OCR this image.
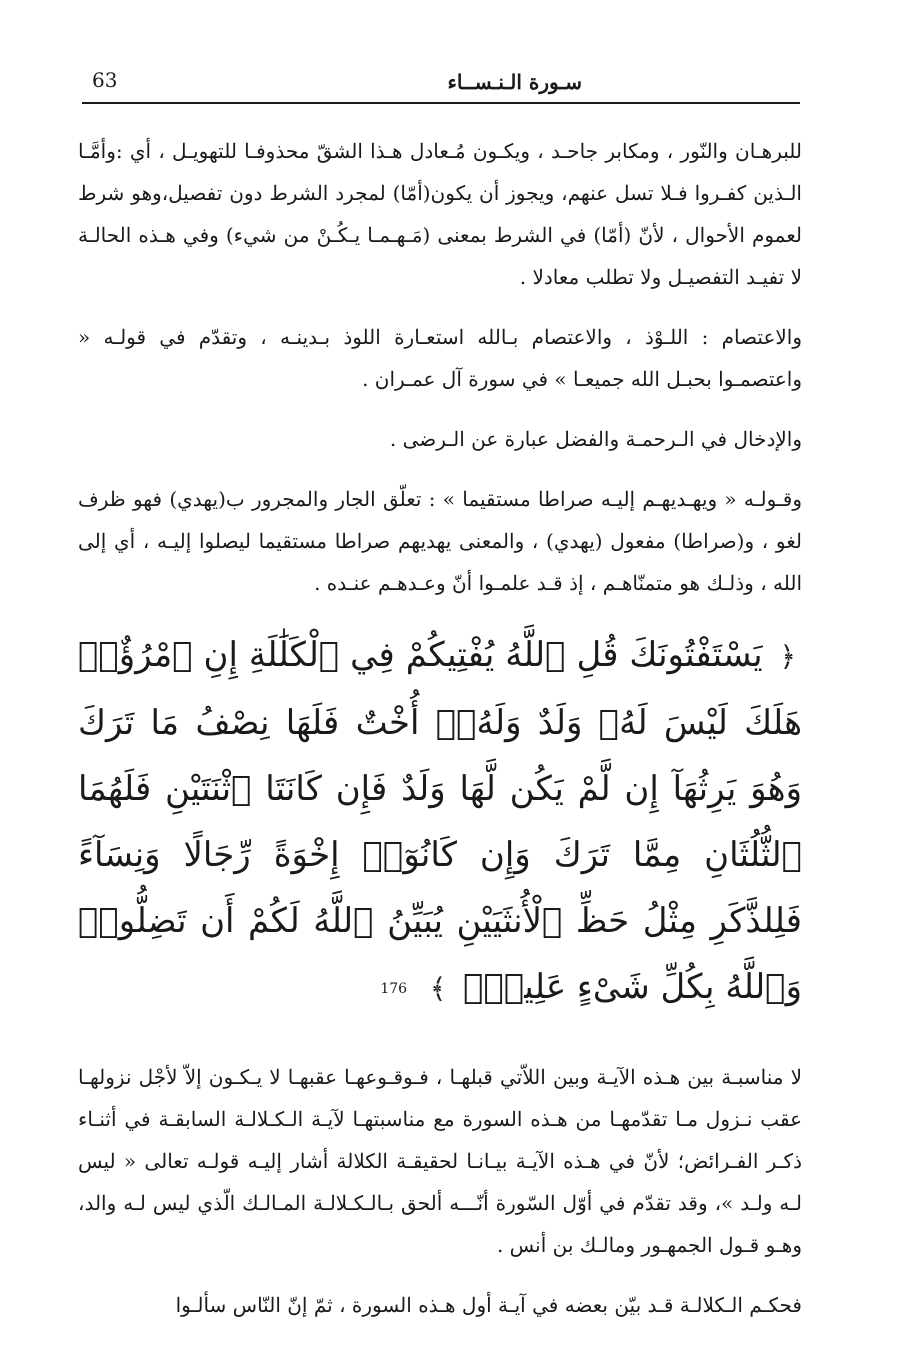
63	سـورة الـنـســاء

للبرهـان والنّور ، ومكابر جاحـد ، ويكـون مُـعادل هـذا الشقّ محذوفـا للتهويـل ، أي :وأمَّـا الـذين كفـروا فـلا تسل عنهم، ويجوز أن يكون(أمّا) لمجرد الشرط دون تفصيل،وهو شرط لعموم الأحوال ، لأنّ (أمّا) في الشرط بمعنى (مَـهـمـا يـكُـنْ من شيء) وفي هـذه الحالـة لا تفيـد التفصيـل ولا تطلب معادلا .

والاعتصام : اللـوْذ ، والاعتصام بـالله استعـارة اللوذ بـدينـه ، وتقدّم في قولـه « واعتصمـوا بحبـل الله جميعـا » في سورة آل عمـران .

والإدخال في الـرحمـة والفضل عبارة عن الـرضى .

وقـولـه « ويهـديهـم إليـه صراطا مستقيما » : تعلّق الجار والمجرور ب(يهدي) فهو ظرف لغو ، و(صراطا) مفعول (يهدي) ، والمعنى يهديهم صراطا مستقيما ليصلوا إليـه ، أي إلى الله ، وذلـك هو متمنّاهـم ، إذ قـد علمـوا أنّ وعـدهـم عنـده .

﴿ يَسْتَفْتُونَكَ قُلِ ٱللَّهُ يُفْتِيكُمْ فِي ٱلْكَلَٰلَةِ إِنِ ٱمْرُؤٌا۟ هَلَكَ لَيْسَ لَهُۥ وَلَدٌ وَلَهُۥٓ أُخْتٌ فَلَهَا نِصْفُ مَا تَرَكَ وَهُوَ يَرِثُهَآ إِن لَّمْ يَكُن لَّهَا وَلَدٌ فَإِن كَانَتَا ٱثْنَتَيْنِ فَلَهُمَا ٱلثُّلُثَانِ مِمَّا تَرَكَ وَإِن كَانُوٓا۟ إِخْوَةً رِّجَالًا وَنِسَآءً فَلِلذَّكَرِ مِثْلُ حَظِّ ٱلْأُنثَيَيْنِ يُبَيِّنُ ٱللَّهُ لَكُمْ أَن تَضِلُّوا۟ وَٱللَّهُ بِكُلِّ شَىْءٍ عَلِيمٌۢ ﴾ 176

لا مناسبـة بين هـذه الآيـة وبين اللاّتي قبلهـا ، فـوقـوعهـا عقبهـا لا يـكـون إلاّ لأجْل نزولهـا عقب نـزول مـا تقدّمهـا من هـذه السورة مع مناسبتهـا لآيـة الـكـلالـة السابقـة في أثنـاء ذكـر الفـرائض؛ لأنّ في هـذه الآيـة بيـانـا لحقيقـة الكلالة أشار إليـه قولـه تعالى « ليس لـه ولـد »، وقد تقدّم في أوّل السّورة أنّـــه ألحق بـالـكـلالـة المـالـك الّذي ليس لـه والد، وهـو قـول الجمهـور ومالـك بن أنس .

فحكـم الـكلالـة قـد بيّن بعضه في آيـة أول هـذه السورة ، ثمّ إنّ النّاس سألـوا
